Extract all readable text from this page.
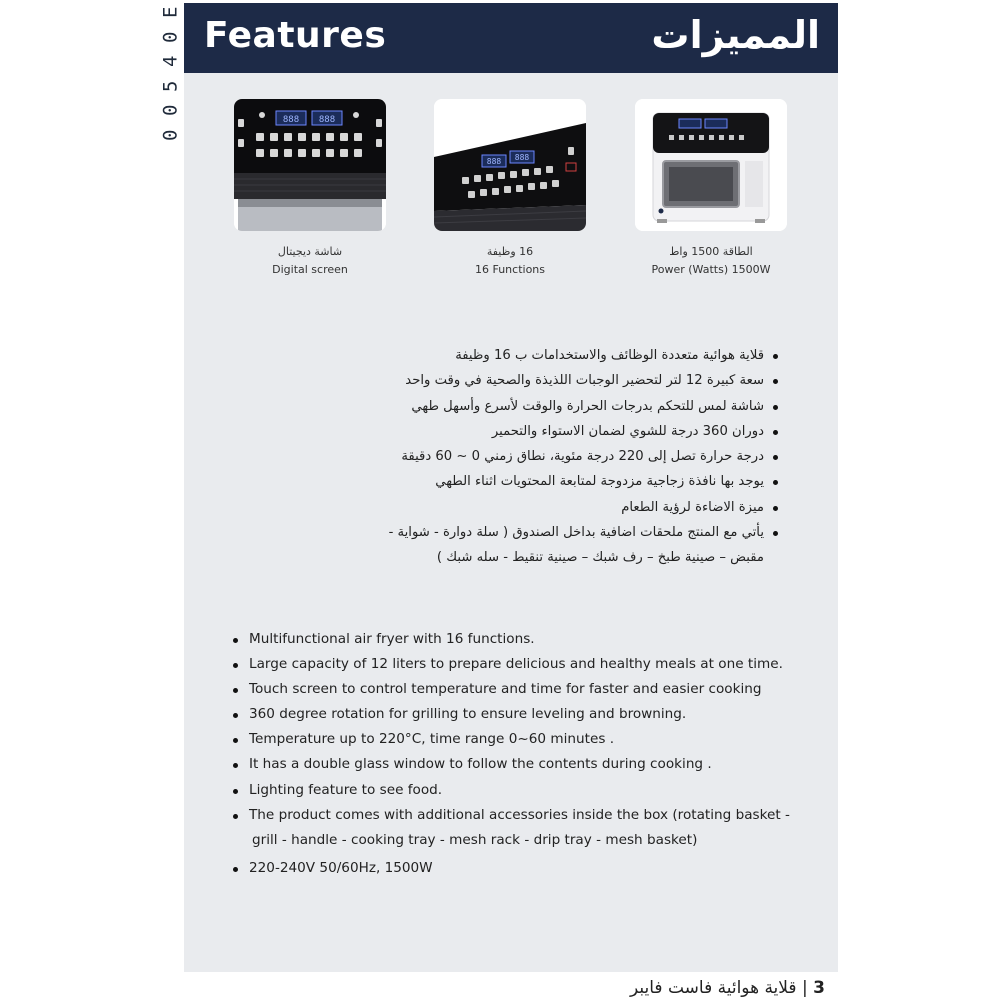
E
0
4
5
0
0
Features	المميزات
888 888
شاشة ديجيتال
Digital screen
888 888
16 وظيفة
16 Functions
الطاقة 1500 واط
Power (Watts) 1500W
قلاية هوائية متعددة الوظائف والاستخدامات ب 16 وظيفة
سعة كبيرة 12 لتر لتحضير الوجبات اللذيذة والصحية في وقت واحد
شاشة لمس للتحكم بدرجات الحرارة والوقت لأسرع وأسهل طهي
دوران 360 درجة للشوي لضمان الاستواء والتحمير
درجة حرارة تصل إلى 220 درجة مئوية، نطاق زمني 0 ~ 60 دقيقة
يوجد بها نافذة زجاجية مزدوجة لمتابعة المحتويات اثناء الطهي
ميزة الاضاءة لرؤية الطعام
يأتي مع المنتج ملحقات اضافية بداخل الصندوق ( سلة دوارة - شواية -
مقبض – صينية طبخ – رف شبك – صينية تنقيط - سله شبك )
Multifunctional air fryer with 16 functions.
Large capacity of 12 liters to prepare delicious and healthy meals at one time.
Touch screen to control temperature and time for faster and easier cooking
360 degree rotation for grilling to ensure leveling and browning.
Temperature up to 220°C, time range 0~60 minutes .
It has a double glass window to follow the contents during cooking .
Lighting feature to see food.
The product comes with additional accessories inside the box (rotating basket - grill - handle - cooking tray - mesh rack - drip tray - mesh basket)
220-240V 50/60Hz, 1500W
3 | قلاية هوائية فاست فايبر
